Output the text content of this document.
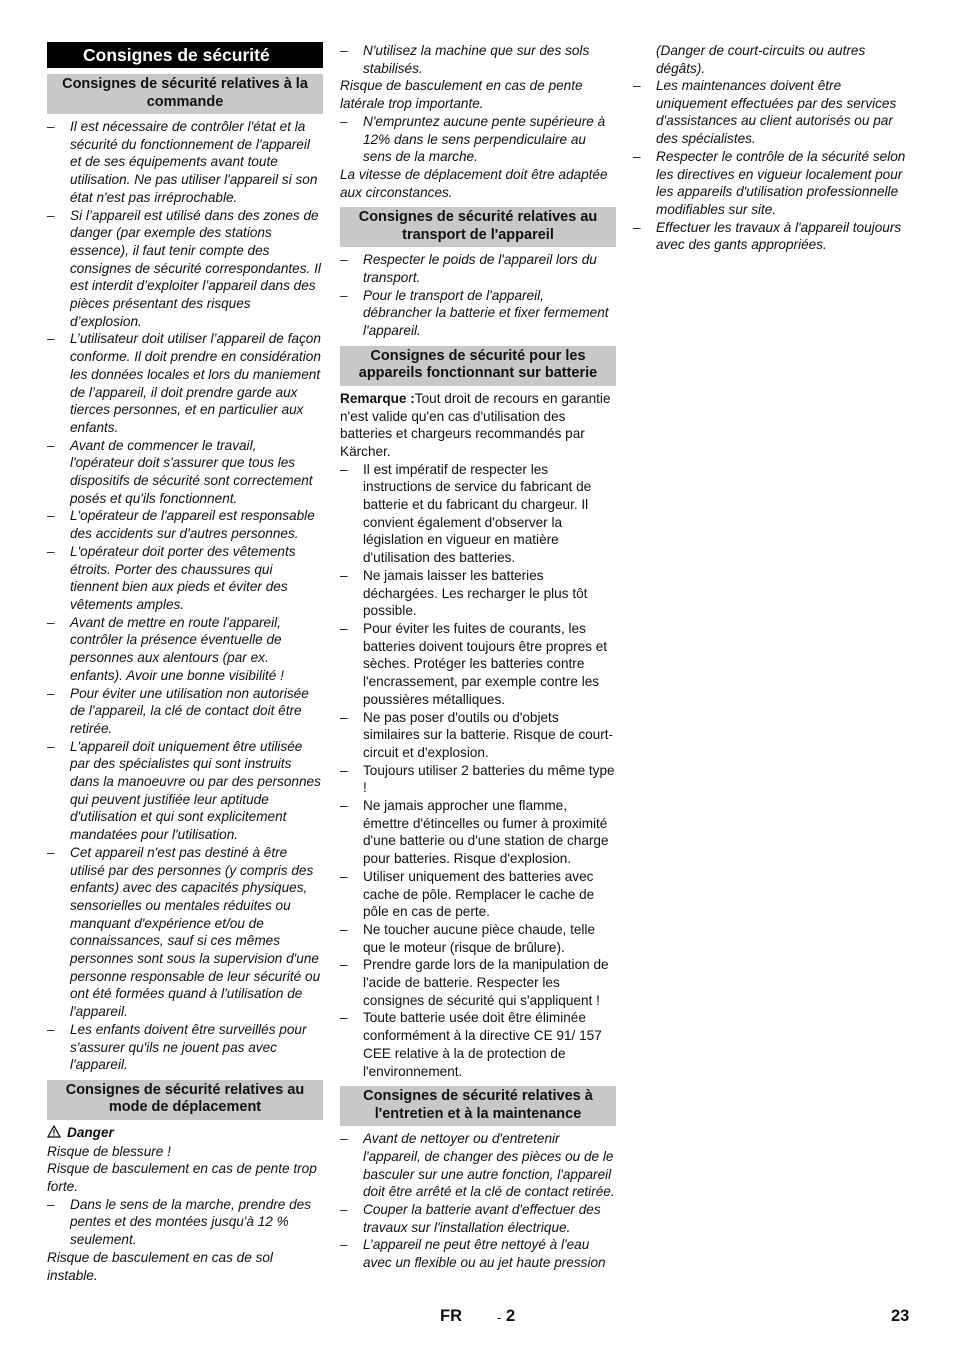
Consignes de sécurité
Consignes de sécurité relatives à la commande
– Il est nécessaire de contrôler l'état et la sécurité du fonctionnement de l'appareil et de ses équipements avant toute utilisation. Ne pas utiliser l'appareil si son état n'est pas irréprochable.
– Si l’appareil est utilisé dans des zones de danger (par exemple des stations essence), il faut tenir compte des consignes de sécurité correspondantes. Il est interdit d’exploiter l’appareil dans des pièces présentant des risques d’explosion.
– L’utilisateur doit utiliser l’appareil de façon conforme. Il doit prendre en considération les données locales et lors du maniement de l’appareil, il doit prendre garde aux tierces personnes, et en particulier aux enfants.
– Avant de commencer le travail, l'opérateur doit s'assurer que tous les dispositifs de sécurité sont correctement posés et qu'ils fonctionnent.
– L'opérateur de l'appareil est responsable des accidents sur d'autres personnes.
– L'opérateur doit porter des vêtements étroits. Porter des chaussures qui tiennent bien aux pieds et éviter des vêtements amples.
– Avant de mettre en route l'appareil, contrôler la présence éventuelle de personnes aux alentours (par ex. enfants). Avoir une bonne visibilité !
– Pour éviter une utilisation non autorisée de l'appareil, la clé de contact doit être retirée.
– L'appareil doit uniquement être utilisée par des spécialistes qui sont instruits dans la manoeuvre ou par des personnes qui peuvent justifiée leur aptitude d'utilisation et qui sont explicitement mandatées pour l'utilisation.
– Cet appareil n'est pas destiné à être utilisé par des personnes (y compris des enfants) avec des capacités physiques, sensorielles ou mentales réduites ou manquant d'expérience et/ou de connaissances, sauf si ces mêmes personnes sont sous la supervision d'une personne responsable de leur sécurité ou ont été formées quand à l'utilisation de l'appareil.
– Les enfants doivent être surveillés pour s'assurer qu'ils ne jouent pas avec l'appareil.
Consignes de sécurité relatives au mode de déplacement
Danger
Risque de blessure !
Risque de basculement en cas de pente trop forte.
– Dans le sens de la marche, prendre des pentes et des montées jusqu'à 12 % seulement.
Risque de basculement en cas de sol instable.
– N'utilisez la machine que sur des sols stabilisés.
Risque de basculement en cas de pente latérale trop importante.
– N'empruntez aucune pente supérieure à 12% dans le sens perpendiculaire au sens de la marche.
La vitesse de déplacement doit être adaptée aux circonstances.
Consignes de sécurité relatives au transport de l'appareil
– Respecter le poids de l'appareil lors du transport.
– Pour le transport de l'appareil, débrancher la batterie et fixer fermement l'appareil.
Consignes de sécurité pour les appareils fonctionnant sur batterie
Remarque :Tout droit de recours en garantie n'est valide qu'en cas d'utilisation des batteries et chargeurs recommandés par Kärcher.
– Il est impératif de respecter les instructions de service du fabricant de batterie et du fabricant du chargeur. Il convient également d'observer la législation en vigueur en matière d'utilisation des batteries.
– Ne jamais laisser les batteries déchargées. Les recharger le plus tôt possible.
– Pour éviter les fuites de courants, les batteries doivent toujours être propres et sèches. Protéger les batteries contre l'encrassement, par exemple contre les poussières métalliques.
– Ne pas poser d'outils ou d'objets similaires sur la batterie. Risque de court-circuit et d'explosion.
– Toujours utiliser 2 batteries du même type !
– Ne jamais approcher une flamme, émettre d'étincelles ou fumer à proximité d'une batterie ou d'une station de charge pour batteries. Risque d'explosion.
– Utiliser uniquement des batteries avec cache de pôle. Remplacer le cache de pôle en cas de perte.
– Ne toucher aucune pièce chaude, telle que le moteur (risque de brûlure).
– Prendre garde lors de la manipulation de l'acide de batterie. Respecter les consignes de sécurité qui s'appliquent !
– Toute batterie usée doit être éliminée conformément à la directive CE 91/ 157 CEE relative à la de protection de l'environnement.
Consignes de sécurité relatives à l'entretien et à la maintenance
– Avant de nettoyer ou d'entretenir l'appareil, de changer des pièces ou de le basculer sur une autre fonction, l'appareil doit être arrêté et la clé de contact retirée.
– Couper la batterie avant d'effectuer des travaux sur l'installation électrique.
– L’appareil ne peut être nettoyé à l'eau avec un flexible ou au jet haute pression
(Danger de court-circuits ou autres dégâts).
– Les maintenances doivent être uniquement effectuées par des services d'assistances au client autorisés ou par des spécialistes.
– Respecter le contrôle de la sécurité selon les directives en vigueur localement pour les appareils d'utilisation professionnelle modifiables sur site.
– Effectuer les travaux à l'appareil toujours avec des gants appropriées.
FR	- 2	23
